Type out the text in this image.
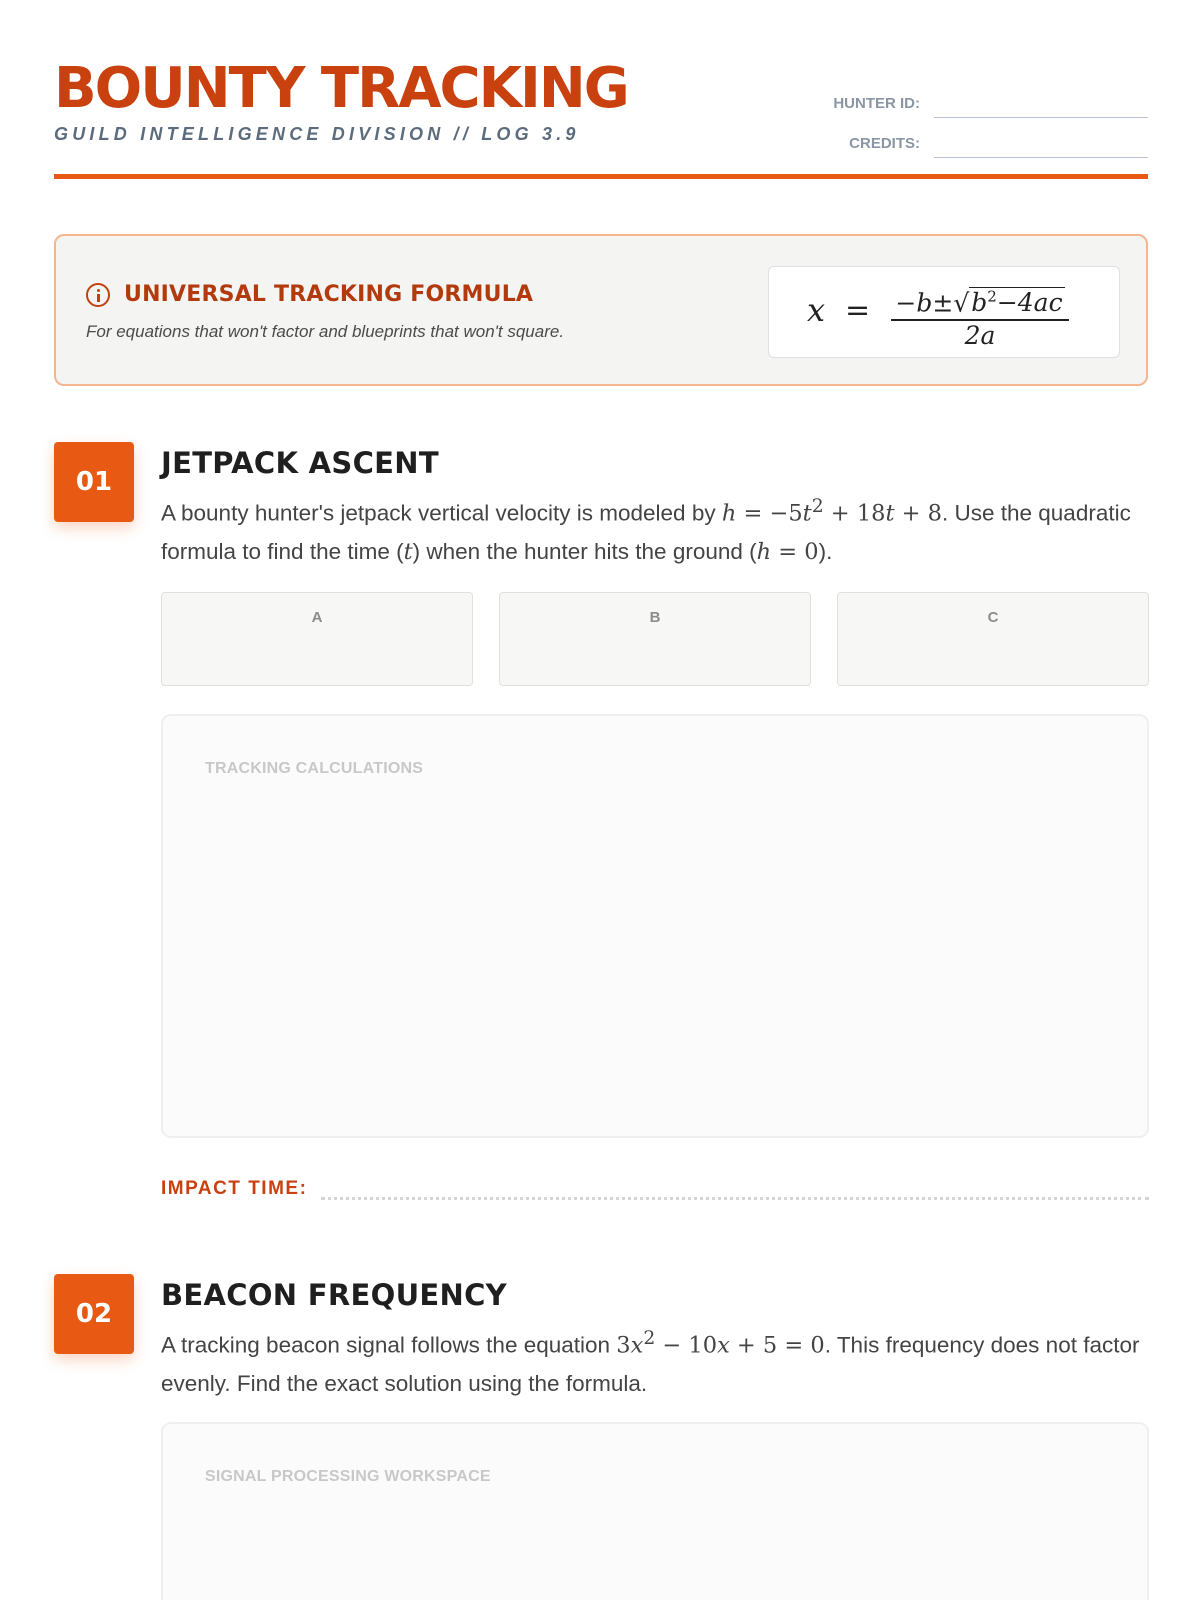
BOUNTY TRACKING
GUILD INTELLIGENCE DIVISION // LOG 3.9
HUNTER ID:
CREDITS:
UNIVERSAL TRACKING FORMULA
For equations that won't factor and blueprints that won't square.
$x = -b\pm√b^2-4ac$
2a
01
JETPACK ASCENT
A bounty hunter's jetpack vertical velocity is modeled by $h = -5t^2 + 18t + 8$. Use the quadratic formula to find the time (t) when the hunter hits the ground (h = 0).
A	B	C
TRACKING CALCULATIONS
IMPACT TIME:
02
BEACON FREQUENCY
A tracking beacon signal follows the equation $3x^2 - 10x + 5 = 0$. This frequency does not factor evenly. Find the exact solution using the formula.
SIGNAL PROCESSING WORKSPACE
